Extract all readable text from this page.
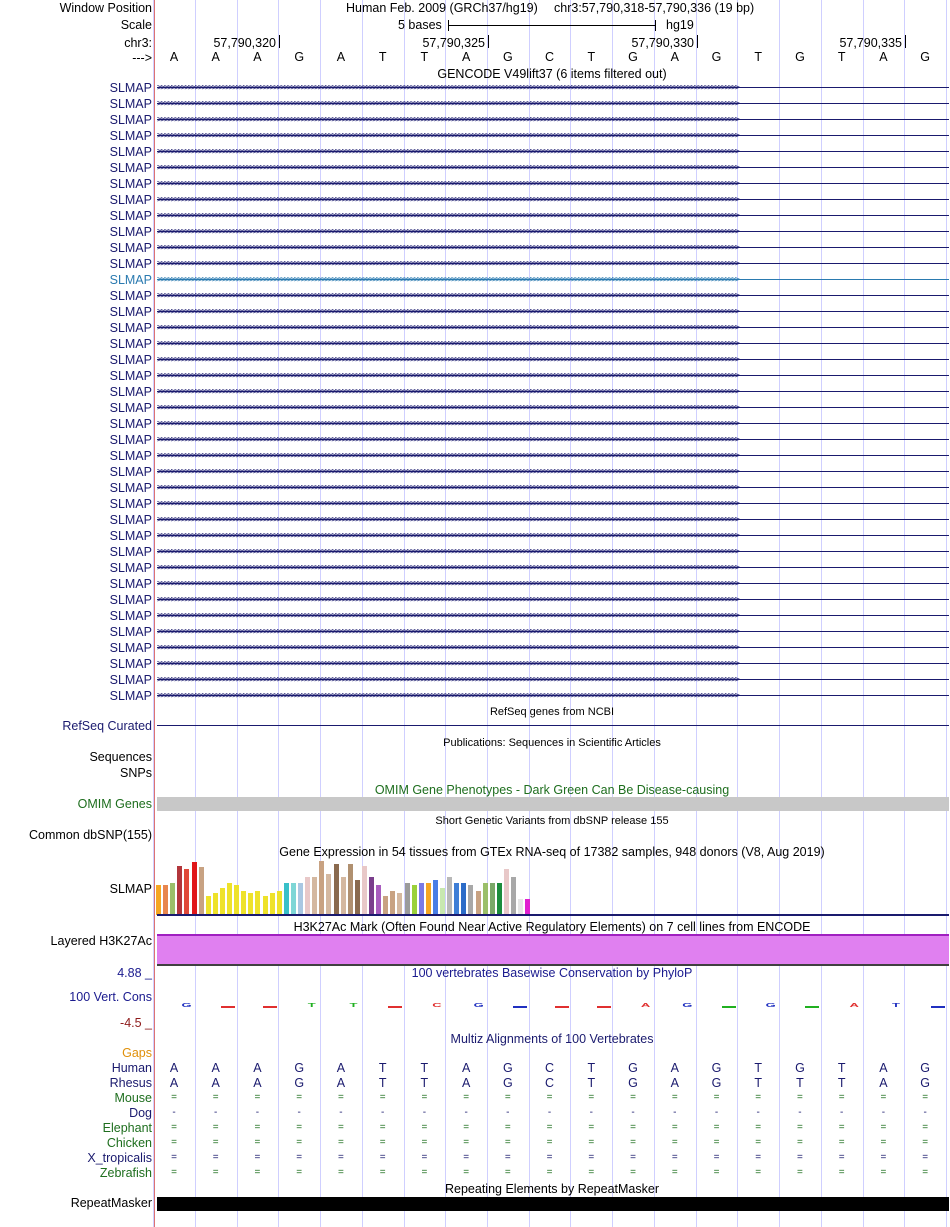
Window Position	Human Feb. 2009 (GRCh37/hg19) chr3:57,790,318-57,790,336 (19 bp)
Scale	5 bases	hg19
chr3:	57,790,320	57,790,325	57,790,330	57,790,335
---> A	A	A	G	A	T	T	A	G	C	T	G	A	G	T	G	T	A	G
GENCODE V49lift37 (6 items filtered out)
SLMAP >>>>>>>>>>>>>>>>>>>>>>>>>>>>>>>>>>>>>>>>>>>>>>>>>>>>>>>>>>>>>>>>>>>>>>>>>>>>>>>>>>>>>>>>>>>>>>>>>>>>>>>>>>>>>>>>>>>>>>>>>>>>>>>>>>>>>>>>>>>>>>>>>>>>>>>>>>>>>>>>>>>>>>>>>>
SLMAP >>>>>>>>>>>>>>>>>>>>>>>>>>>>>>>>>>>>>>>>>>>>>>>>>>>>>>>>>>>>>>>>>>>>>>>>>>>>>>>>>>>>>>>>>>>>>>>>>>>>>>>>>>>>>>>>>>>>>>>>>>>>>>>>>>>>>>>>>>>>>>>>>>>>>>>>>>>>>>>>>>>>>>>>>>
SLMAP >>>>>>>>>>>>>>>>>>>>>>>>>>>>>>>>>>>>>>>>>>>>>>>>>>>>>>>>>>>>>>>>>>>>>>>>>>>>>>>>>>>>>>>>>>>>>>>>>>>>>>>>>>>>>>>>>>>>>>>>>>>>>>>>>>>>>>>>>>>>>>>>>>>>>>>>>>>>>>>>>>>>>>>>>>
SLMAP >>>>>>>>>>>>>>>>>>>>>>>>>>>>>>>>>>>>>>>>>>>>>>>>>>>>>>>>>>>>>>>>>>>>>>>>>>>>>>>>>>>>>>>>>>>>>>>>>>>>>>>>>>>>>>>>>>>>>>>>>>>>>>>>>>>>>>>>>>>>>>>>>>>>>>>>>>>>>>>>>>>>>>>>>>
SLMAP >>>>>>>>>>>>>>>>>>>>>>>>>>>>>>>>>>>>>>>>>>>>>>>>>>>>>>>>>>>>>>>>>>>>>>>>>>>>>>>>>>>>>>>>>>>>>>>>>>>>>>>>>>>>>>>>>>>>>>>>>>>>>>>>>>>>>>>>>>>>>>>>>>>>>>>>>>>>>>>>>>>>>>>>>>
SLMAP >>>>>>>>>>>>>>>>>>>>>>>>>>>>>>>>>>>>>>>>>>>>>>>>>>>>>>>>>>>>>>>>>>>>>>>>>>>>>>>>>>>>>>>>>>>>>>>>>>>>>>>>>>>>>>>>>>>>>>>>>>>>>>>>>>>>>>>>>>>>>>>>>>>>>>>>>>>>>>>>>>>>>>>>>>
SLMAP >>>>>>>>>>>>>>>>>>>>>>>>>>>>>>>>>>>>>>>>>>>>>>>>>>>>>>>>>>>>>>>>>>>>>>>>>>>>>>>>>>>>>>>>>>>>>>>>>>>>>>>>>>>>>>>>>>>>>>>>>>>>>>>>>>>>>>>>>>>>>>>>>>>>>>>>>>>>>>>>>>>>>>>>>>
SLMAP >>>>>>>>>>>>>>>>>>>>>>>>>>>>>>>>>>>>>>>>>>>>>>>>>>>>>>>>>>>>>>>>>>>>>>>>>>>>>>>>>>>>>>>>>>>>>>>>>>>>>>>>>>>>>>>>>>>>>>>>>>>>>>>>>>>>>>>>>>>>>>>>>>>>>>>>>>>>>>>>>>>>>>>>>>
SLMAP >>>>>>>>>>>>>>>>>>>>>>>>>>>>>>>>>>>>>>>>>>>>>>>>>>>>>>>>>>>>>>>>>>>>>>>>>>>>>>>>>>>>>>>>>>>>>>>>>>>>>>>>>>>>>>>>>>>>>>>>>>>>>>>>>>>>>>>>>>>>>>>>>>>>>>>>>>>>>>>>>>>>>>>>>>
SLMAP >>>>>>>>>>>>>>>>>>>>>>>>>>>>>>>>>>>>>>>>>>>>>>>>>>>>>>>>>>>>>>>>>>>>>>>>>>>>>>>>>>>>>>>>>>>>>>>>>>>>>>>>>>>>>>>>>>>>>>>>>>>>>>>>>>>>>>>>>>>>>>>>>>>>>>>>>>>>>>>>>>>>>>>>>>
SLMAP >>>>>>>>>>>>>>>>>>>>>>>>>>>>>>>>>>>>>>>>>>>>>>>>>>>>>>>>>>>>>>>>>>>>>>>>>>>>>>>>>>>>>>>>>>>>>>>>>>>>>>>>>>>>>>>>>>>>>>>>>>>>>>>>>>>>>>>>>>>>>>>>>>>>>>>>>>>>>>>>>>>>>>>>>>
SLMAP >>>>>>>>>>>>>>>>>>>>>>>>>>>>>>>>>>>>>>>>>>>>>>>>>>>>>>>>>>>>>>>>>>>>>>>>>>>>>>>>>>>>>>>>>>>>>>>>>>>>>>>>>>>>>>>>>>>>>>>>>>>>>>>>>>>>>>>>>>>>>>>>>>>>>>>>>>>>>>>>>>>>>>>>>>
SLMAP >>>>>>>>>>>>>>>>>>>>>>>>>>>>>>>>>>>>>>>>>>>>>>>>>>>>>>>>>>>>>>>>>>>>>>>>>>>>>>>>>>>>>>>>>>>>>>>>>>>>>>>>>>>>>>>>>>>>>>>>>>>>>>>>>>>>>>>>>>>>>>>>>>>>>>>>>>>>>>>>>>>>>>>>>>
SLMAP >>>>>>>>>>>>>>>>>>>>>>>>>>>>>>>>>>>>>>>>>>>>>>>>>>>>>>>>>>>>>>>>>>>>>>>>>>>>>>>>>>>>>>>>>>>>>>>>>>>>>>>>>>>>>>>>>>>>>>>>>>>>>>>>>>>>>>>>>>>>>>>>>>>>>>>>>>>>>>>>>>>>>>>>>>
SLMAP >>>>>>>>>>>>>>>>>>>>>>>>>>>>>>>>>>>>>>>>>>>>>>>>>>>>>>>>>>>>>>>>>>>>>>>>>>>>>>>>>>>>>>>>>>>>>>>>>>>>>>>>>>>>>>>>>>>>>>>>>>>>>>>>>>>>>>>>>>>>>>>>>>>>>>>>>>>>>>>>>>>>>>>>>>
SLMAP >>>>>>>>>>>>>>>>>>>>>>>>>>>>>>>>>>>>>>>>>>>>>>>>>>>>>>>>>>>>>>>>>>>>>>>>>>>>>>>>>>>>>>>>>>>>>>>>>>>>>>>>>>>>>>>>>>>>>>>>>>>>>>>>>>>>>>>>>>>>>>>>>>>>>>>>>>>>>>>>>>>>>>>>>>
SLMAP >>>>>>>>>>>>>>>>>>>>>>>>>>>>>>>>>>>>>>>>>>>>>>>>>>>>>>>>>>>>>>>>>>>>>>>>>>>>>>>>>>>>>>>>>>>>>>>>>>>>>>>>>>>>>>>>>>>>>>>>>>>>>>>>>>>>>>>>>>>>>>>>>>>>>>>>>>>>>>>>>>>>>>>>>>
SLMAP >>>>>>>>>>>>>>>>>>>>>>>>>>>>>>>>>>>>>>>>>>>>>>>>>>>>>>>>>>>>>>>>>>>>>>>>>>>>>>>>>>>>>>>>>>>>>>>>>>>>>>>>>>>>>>>>>>>>>>>>>>>>>>>>>>>>>>>>>>>>>>>>>>>>>>>>>>>>>>>>>>>>>>>>>>
SLMAP >>>>>>>>>>>>>>>>>>>>>>>>>>>>>>>>>>>>>>>>>>>>>>>>>>>>>>>>>>>>>>>>>>>>>>>>>>>>>>>>>>>>>>>>>>>>>>>>>>>>>>>>>>>>>>>>>>>>>>>>>>>>>>>>>>>>>>>>>>>>>>>>>>>>>>>>>>>>>>>>>>>>>>>>>>
SLMAP >>>>>>>>>>>>>>>>>>>>>>>>>>>>>>>>>>>>>>>>>>>>>>>>>>>>>>>>>>>>>>>>>>>>>>>>>>>>>>>>>>>>>>>>>>>>>>>>>>>>>>>>>>>>>>>>>>>>>>>>>>>>>>>>>>>>>>>>>>>>>>>>>>>>>>>>>>>>>>>>>>>>>>>>>>
SLMAP >>>>>>>>>>>>>>>>>>>>>>>>>>>>>>>>>>>>>>>>>>>>>>>>>>>>>>>>>>>>>>>>>>>>>>>>>>>>>>>>>>>>>>>>>>>>>>>>>>>>>>>>>>>>>>>>>>>>>>>>>>>>>>>>>>>>>>>>>>>>>>>>>>>>>>>>>>>>>>>>>>>>>>>>>>
SLMAP >>>>>>>>>>>>>>>>>>>>>>>>>>>>>>>>>>>>>>>>>>>>>>>>>>>>>>>>>>>>>>>>>>>>>>>>>>>>>>>>>>>>>>>>>>>>>>>>>>>>>>>>>>>>>>>>>>>>>>>>>>>>>>>>>>>>>>>>>>>>>>>>>>>>>>>>>>>>>>>>>>>>>>>>>>
SLMAP >>>>>>>>>>>>>>>>>>>>>>>>>>>>>>>>>>>>>>>>>>>>>>>>>>>>>>>>>>>>>>>>>>>>>>>>>>>>>>>>>>>>>>>>>>>>>>>>>>>>>>>>>>>>>>>>>>>>>>>>>>>>>>>>>>>>>>>>>>>>>>>>>>>>>>>>>>>>>>>>>>>>>>>>>>
SLMAP >>>>>>>>>>>>>>>>>>>>>>>>>>>>>>>>>>>>>>>>>>>>>>>>>>>>>>>>>>>>>>>>>>>>>>>>>>>>>>>>>>>>>>>>>>>>>>>>>>>>>>>>>>>>>>>>>>>>>>>>>>>>>>>>>>>>>>>>>>>>>>>>>>>>>>>>>>>>>>>>>>>>>>>>>>
SLMAP >>>>>>>>>>>>>>>>>>>>>>>>>>>>>>>>>>>>>>>>>>>>>>>>>>>>>>>>>>>>>>>>>>>>>>>>>>>>>>>>>>>>>>>>>>>>>>>>>>>>>>>>>>>>>>>>>>>>>>>>>>>>>>>>>>>>>>>>>>>>>>>>>>>>>>>>>>>>>>>>>>>>>>>>>>
SLMAP >>>>>>>>>>>>>>>>>>>>>>>>>>>>>>>>>>>>>>>>>>>>>>>>>>>>>>>>>>>>>>>>>>>>>>>>>>>>>>>>>>>>>>>>>>>>>>>>>>>>>>>>>>>>>>>>>>>>>>>>>>>>>>>>>>>>>>>>>>>>>>>>>>>>>>>>>>>>>>>>>>>>>>>>>>
SLMAP >>>>>>>>>>>>>>>>>>>>>>>>>>>>>>>>>>>>>>>>>>>>>>>>>>>>>>>>>>>>>>>>>>>>>>>>>>>>>>>>>>>>>>>>>>>>>>>>>>>>>>>>>>>>>>>>>>>>>>>>>>>>>>>>>>>>>>>>>>>>>>>>>>>>>>>>>>>>>>>>>>>>>>>>>>
SLMAP >>>>>>>>>>>>>>>>>>>>>>>>>>>>>>>>>>>>>>>>>>>>>>>>>>>>>>>>>>>>>>>>>>>>>>>>>>>>>>>>>>>>>>>>>>>>>>>>>>>>>>>>>>>>>>>>>>>>>>>>>>>>>>>>>>>>>>>>>>>>>>>>>>>>>>>>>>>>>>>>>>>>>>>>>>
SLMAP >>>>>>>>>>>>>>>>>>>>>>>>>>>>>>>>>>>>>>>>>>>>>>>>>>>>>>>>>>>>>>>>>>>>>>>>>>>>>>>>>>>>>>>>>>>>>>>>>>>>>>>>>>>>>>>>>>>>>>>>>>>>>>>>>>>>>>>>>>>>>>>>>>>>>>>>>>>>>>>>>>>>>>>>>>
SLMAP >>>>>>>>>>>>>>>>>>>>>>>>>>>>>>>>>>>>>>>>>>>>>>>>>>>>>>>>>>>>>>>>>>>>>>>>>>>>>>>>>>>>>>>>>>>>>>>>>>>>>>>>>>>>>>>>>>>>>>>>>>>>>>>>>>>>>>>>>>>>>>>>>>>>>>>>>>>>>>>>>>>>>>>>>>
SLMAP >>>>>>>>>>>>>>>>>>>>>>>>>>>>>>>>>>>>>>>>>>>>>>>>>>>>>>>>>>>>>>>>>>>>>>>>>>>>>>>>>>>>>>>>>>>>>>>>>>>>>>>>>>>>>>>>>>>>>>>>>>>>>>>>>>>>>>>>>>>>>>>>>>>>>>>>>>>>>>>>>>>>>>>>>>
SLMAP >>>>>>>>>>>>>>>>>>>>>>>>>>>>>>>>>>>>>>>>>>>>>>>>>>>>>>>>>>>>>>>>>>>>>>>>>>>>>>>>>>>>>>>>>>>>>>>>>>>>>>>>>>>>>>>>>>>>>>>>>>>>>>>>>>>>>>>>>>>>>>>>>>>>>>>>>>>>>>>>>>>>>>>>>>
SLMAP >>>>>>>>>>>>>>>>>>>>>>>>>>>>>>>>>>>>>>>>>>>>>>>>>>>>>>>>>>>>>>>>>>>>>>>>>>>>>>>>>>>>>>>>>>>>>>>>>>>>>>>>>>>>>>>>>>>>>>>>>>>>>>>>>>>>>>>>>>>>>>>>>>>>>>>>>>>>>>>>>>>>>>>>>>
SLMAP >>>>>>>>>>>>>>>>>>>>>>>>>>>>>>>>>>>>>>>>>>>>>>>>>>>>>>>>>>>>>>>>>>>>>>>>>>>>>>>>>>>>>>>>>>>>>>>>>>>>>>>>>>>>>>>>>>>>>>>>>>>>>>>>>>>>>>>>>>>>>>>>>>>>>>>>>>>>>>>>>>>>>>>>>>
SLMAP >>>>>>>>>>>>>>>>>>>>>>>>>>>>>>>>>>>>>>>>>>>>>>>>>>>>>>>>>>>>>>>>>>>>>>>>>>>>>>>>>>>>>>>>>>>>>>>>>>>>>>>>>>>>>>>>>>>>>>>>>>>>>>>>>>>>>>>>>>>>>>>>>>>>>>>>>>>>>>>>>>>>>>>>>>
SLMAP >>>>>>>>>>>>>>>>>>>>>>>>>>>>>>>>>>>>>>>>>>>>>>>>>>>>>>>>>>>>>>>>>>>>>>>>>>>>>>>>>>>>>>>>>>>>>>>>>>>>>>>>>>>>>>>>>>>>>>>>>>>>>>>>>>>>>>>>>>>>>>>>>>>>>>>>>>>>>>>>>>>>>>>>>>
SLMAP >>>>>>>>>>>>>>>>>>>>>>>>>>>>>>>>>>>>>>>>>>>>>>>>>>>>>>>>>>>>>>>>>>>>>>>>>>>>>>>>>>>>>>>>>>>>>>>>>>>>>>>>>>>>>>>>>>>>>>>>>>>>>>>>>>>>>>>>>>>>>>>>>>>>>>>>>>>>>>>>>>>>>>>>>>
SLMAP >>>>>>>>>>>>>>>>>>>>>>>>>>>>>>>>>>>>>>>>>>>>>>>>>>>>>>>>>>>>>>>>>>>>>>>>>>>>>>>>>>>>>>>>>>>>>>>>>>>>>>>>>>>>>>>>>>>>>>>>>>>>>>>>>>>>>>>>>>>>>>>>>>>>>>>>>>>>>>>>>>>>>>>>>>
SLMAP >>>>>>>>>>>>>>>>>>>>>>>>>>>>>>>>>>>>>>>>>>>>>>>>>>>>>>>>>>>>>>>>>>>>>>>>>>>>>>>>>>>>>>>>>>>>>>>>>>>>>>>>>>>>>>>>>>>>>>>>>>>>>>>>>>>>>>>>>>>>>>>>>>>>>>>>>>>>>>>>>>>>>>>>>>
RefSeq genes from NCBI
RefSeq Curated
Publications: Sequences in Scientific Articles
Sequences
SNPs
OMIM Gene Phenotypes - Dark Green Can Be Disease-causing
OMIM Genes
Short Genetic Variants from dbSNP release 155
Common dbSNP(155)
Gene Expression in 54 tissues from GTEx RNA-seq of 17382 samples, 948 donors (V8, Aug 2019)
SLMAP
H3K27Ac Mark (Often Found Near Active Regulatory Elements) on 7 cell lines from ENCODE
Layered H3K27Ac
100 vertebrates Basewise Conservation by PhyloP
4.88 _
100 Vert. Cons
-4.5 _
G	T	T	C G	A G	G	A	T
Multiz Alignments of 100 Vertebrates
Gaps
Human A	A	A	G	A	T	T	A	G	C	T	G	A	G	T	G	T	A	G
Rhesus A	A	A	G	A	T	T	A	G	C	T	G	A	G	T	T	T	A	G
Mouse =	=	=	=	=	=	=	=	=	=	=	=	=	=	=	=	=	=	=
Dog -	-	-	-	-	-	-	-	-	-	-	-	-	-	-	-	-	-	-
Elephant =	=	=	=	=	=	=	=	=	=	=	=	=	=	=	=	=	=	=
Chicken =	=	=	=	=	=	=	=	=	=	=	=	=	=	=	=	=	=	=
X_tropicalis =	=	=	=	=	=	=	=	=	=	=	=	=	=	=	=	=	=	=
Zebrafish =	=	=	=	=	=	=	=	=	=	=	=	=	=	=	=	=	=	=
Repeating Elements by RepeatMasker
RepeatMasker
